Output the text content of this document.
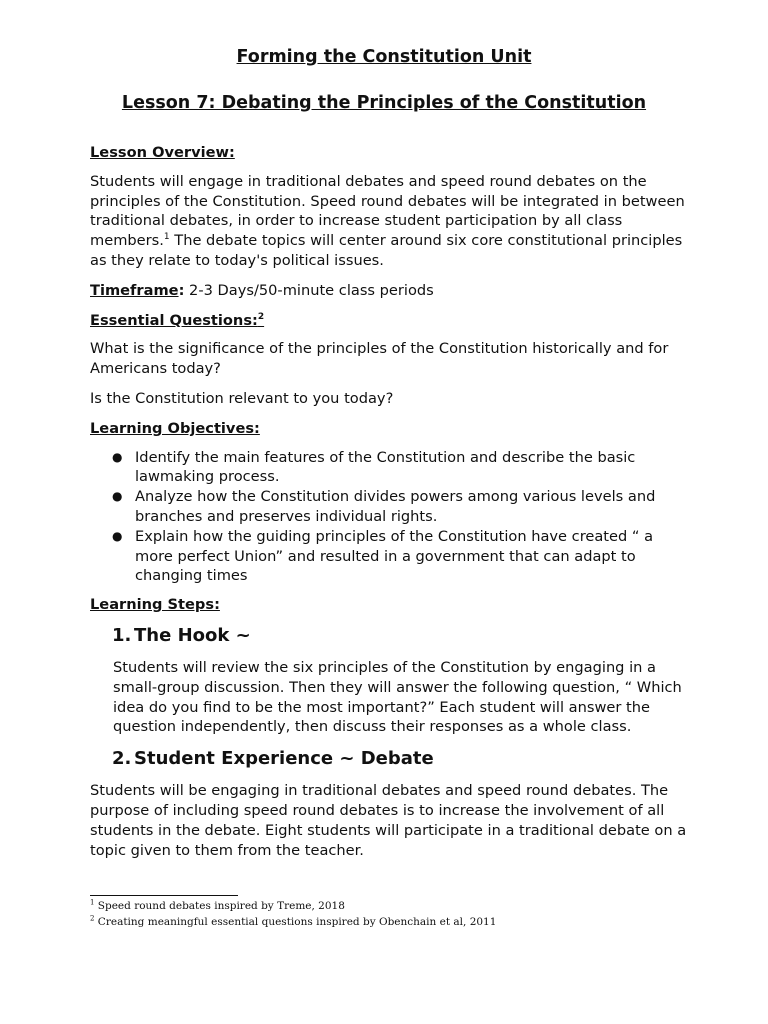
Forming the Constitution Unit
Lesson 7: Debating the Principles of the Constitution
Lesson Overview:

Students will engage in traditional debates and speed round debates on the principles of the Constitution. Speed round debates will be integrated in between traditional debates, in order to increase student participation by all class members.$^1$ The debate topics will center around six core constitutional principles as they relate to today's political issues.

Timeframe: 2-3 Days/50-minute class periods

Essential Questions:$^2$

What is the significance of the principles of the Constitution historically and for Americans today?

Is the Constitution relevant to you today?

Learning Objectives:
● Identify the main features of the Constitution and describe the basic lawmaking process.
● Analyze how the Constitution divides powers among various levels and branches and preserves individual rights.
● Explain how the guiding principles of the Constitution have created “ a more perfect Union” and resulted in a government that can adapt to changing times
Learning Steps:
1. The Hook ~

Students will review the six principles of the Constitution by engaging in a small-group discussion. Then they will answer the following question, “ Which idea do you find to be the most important?” Each student will answer the question independently, then discuss their responses as a whole class.

2. Student Experience ~ Debate

Students will be engaging in traditional debates and speed round debates. The purpose of including speed round debates is to increase the involvement of all students in the debate. Eight students will participate in a traditional debate on a topic given to them from the teacher.

$^1$ Speed round debates inspired by Treme, 2018
$^2$ Creating meaningful essential questions inspired by Obenchain et al, 2011
